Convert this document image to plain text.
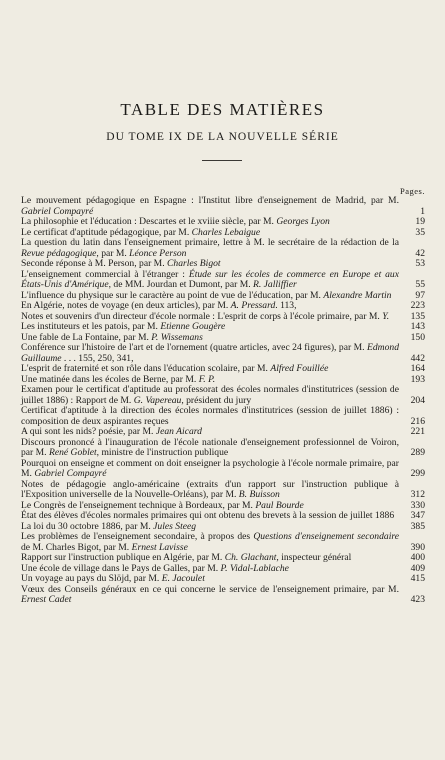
TABLE DES MATIÈRES
DU TOME IX DE LA NOUVELLE SÉRIE
Pages.
Le mouvement pédagogique en Espagne : l'Institut libre d'enseignement de Madrid, par M. Gabriel Compayré	1
La philosophie et l'éducation : Descartes et le xviiie siècle, par M. Georges Lyon	19
Le certificat d'aptitude pédagogique, par M. Charles Lebaigue	35
La question du latin dans l'enseignement primaire, lettre à M. le secrétaire de la rédaction de la Revue pédagogique, par M. Léonce Person	42
Seconde réponse à M. Person, par M. Charles Bigot	53
L'enseignement commercial à l'étranger : Étude sur les écoles de commerce en Europe et aux États-Unis d'Amérique, de MM. Jourdan et Dumont, par M. R. Jalliffier	55
L'influence du physique sur le caractère au point de vue de l'éducation, par M. Alexandre Martin 97
En Algérie, notes de voyage (en deux articles), par M. A. Pressard. 113,	223
Notes et souvenirs d'un directeur d'école normale : L'esprit de corps à l'école primaire, par M. Y. 135
Les instituteurs et les patois, par M. Etienne Gougère	143
Une fable de La Fontaine, par M. P. Wissemans	150
Conférence sur l'histoire de l'art et de l'ornement (quatre articles, avec 24 figures), par M. Edmond Guillaume . . . 155, 250, 341,	442
L'esprit de fraternité et son rôle dans l'éducation scolaire, par M. Alfred Fouillée	164
Une matinée dans les écoles de Berne, par M. F. P.	193
Examen pour le certificat d'aptitude au professorat des écoles normales d'institutrices (session de juillet 1886) : Rapport de M. G. Vapereau, président du jury	204
Certificat d'aptitude à la direction des écoles normales d'institutrices (session de juillet 1886) : composition de deux aspirantes reçues	216
A qui sont les nids? poésie, par M. Jean Aicard	221
Discours prononcé à l'inauguration de l'école nationale d'enseignement professionnel de Voiron, par M. René Goblet, ministre de l'instruction publique	289
Pourquoi on enseigne et comment on doit enseigner la psychologie à l'école normale primaire, par M. Gabriel Compayré	299
Notes de pédagogie anglo-américaine (extraits d'un rapport sur l'instruction publique à l'Exposition universelle de la Nouvelle-Orléans), par M. B. Buisson	312
Le Congrès de l'enseignement technique à Bordeaux, par M. Paul Bourde	330
État des élèves d'écoles normales primaires qui ont obtenu des brevets à la session de juillet 1886 347
La loi du 30 octobre 1886, par M. Jules Steeg	385
Les problèmes de l'enseignement secondaire, à propos des Questions d'enseignement secondaire de M. Charles Bigot, par M. Ernest Lavisse	390
Rapport sur l'instruction publique en Algérie, par M. Ch. Glachant, inspecteur général	400
Une école de village dans le Pays de Galles, par M. P. Vidal-Lablache	409
Un voyage au pays du Slöjd, par M. E. Jacoulet	415
Vœux des Conseils généraux en ce qui concerne le service de l'enseignement primaire, par M. Ernest Cadet	423
